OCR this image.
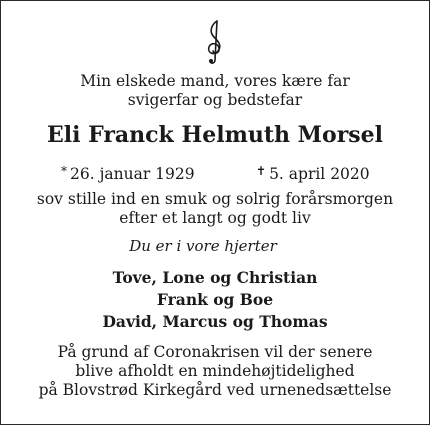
Min elskede mand, vores kære far
svigerfar og bedstefar
Eli Franck Helmuth Morsel
* 26. januar 1929	✝ 5. april 2020
sov stille ind en smuk og solrig forårsmorgen
efter et langt og godt liv
Du er i vore hjerter
Tove, Lone og Christian
Frank og Boe
David, Marcus og Thomas
På grund af Coronakrisen vil der senere
blive afholdt en mindehøjtidelighed
på Blovstrød Kirkegård ved urnenedsættelse
